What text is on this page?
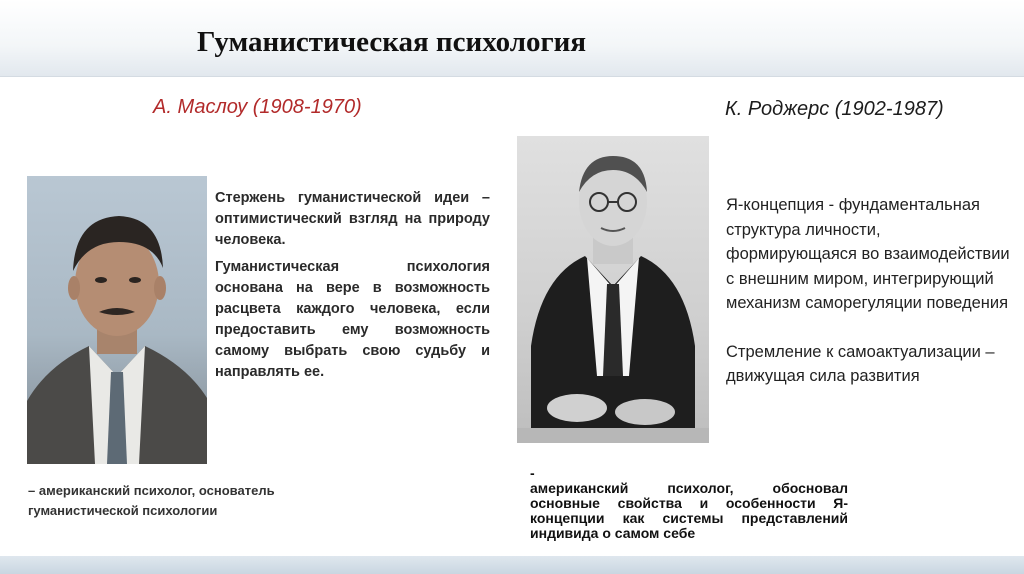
Гуманистическая психология
А. Маслоу (1908-1970)	К. Роджерс (1902-1987)

Стержень гуманистической идеи – оптимистический взгляд на природу человека.

Гуманистическая психология основана на вере в возможность расцвета каждого человека, если предоставить ему возможность самому выбрать свою судьбу и направлять ее.

– американский психолог, основатель гуманистической психологии

Я-концепция - фундаментальная структура личности, формирующаяся во взаимодействии с внешним миром, интегрирующий механизм саморегуляции поведения

Стремление к самоактуализации – движущая сила развития

-
американский психолог, обосновал основные свойства и особенности Я-концепции как системы представлений индивида о самом себе
